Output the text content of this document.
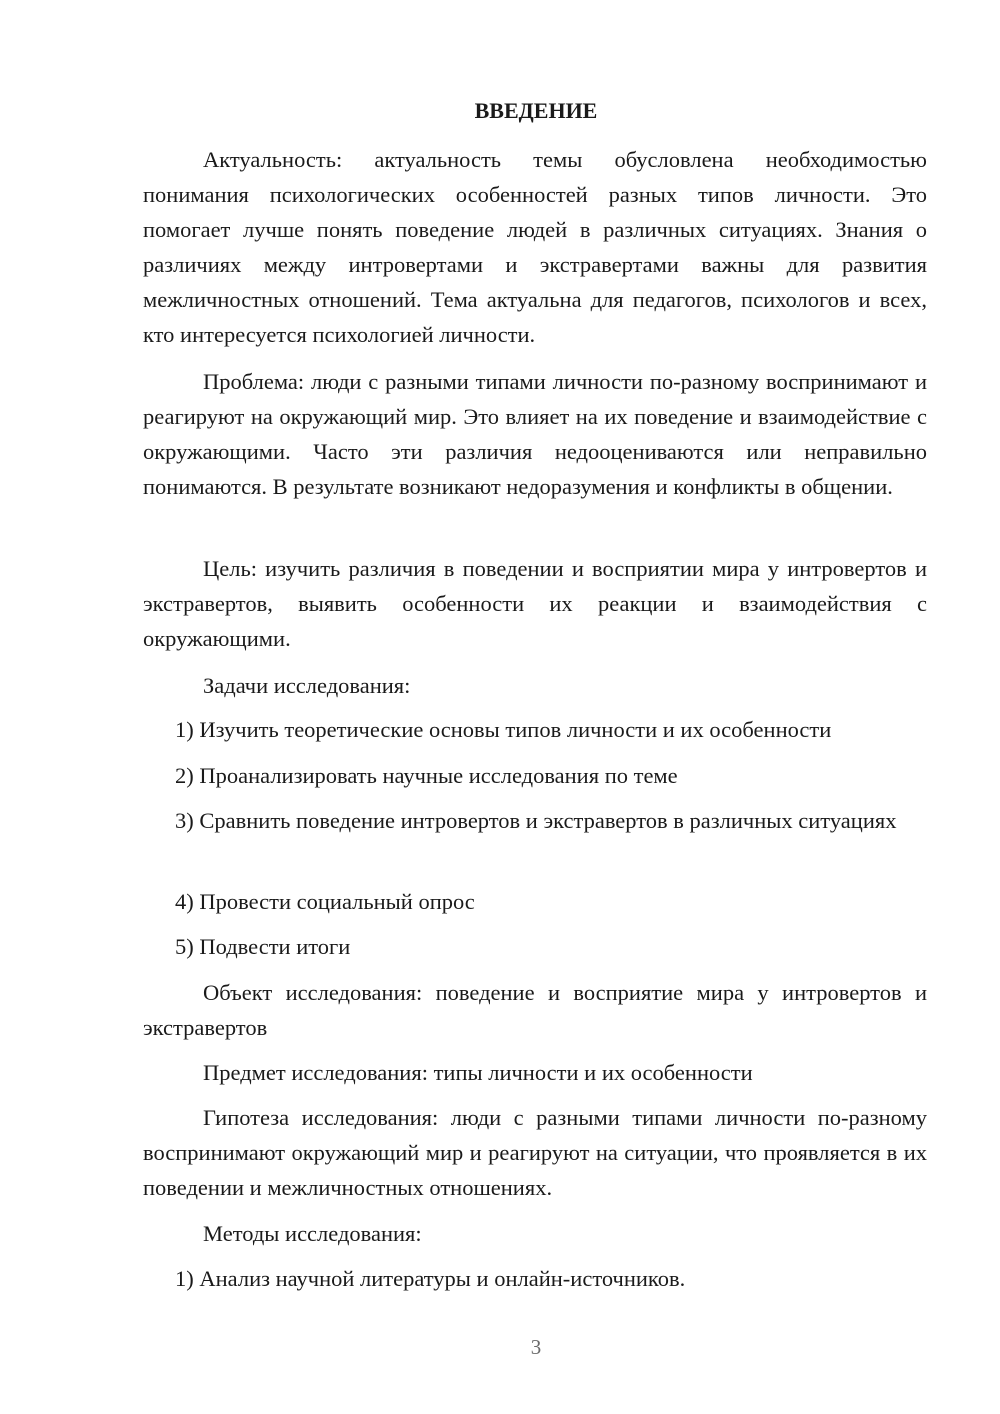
ВВЕДЕНИЕ

Актуальность: актуальность темы обусловлена необходимостью понимания психологических особенностей разных типов личности. Это помогает лучше понять поведение людей в различных ситуациях. Знания о различиях между интровертами и экстравертами важны для развития межличностных отношений. Тема актуальна для педагогов, психологов и всех, кто интересуется психологией личности.

Проблема: люди с разными типами личности по-разному воспринимают и реагируют на окружающий мир. Это влияет на их поведение и взаимодействие с окружающими. Часто эти различия недооцениваются или неправильно понимаются. В результате возникают недоразумения и конфликты в общении.

Цель: изучить различия в поведении и восприятии мира у интровертов и экстравертов, выявить особенности их реакции и взаимодействия с окружающими.

Задачи исследования:

1) Изучить теоретические основы типов личности и их особенности

2) Проанализировать научные исследования по теме

3) Сравнить поведение интровертов и экстравертов в различных ситуациях

4) Провести социальный опрос

5) Подвести итоги

Объект исследования: поведение и восприятие мира у интровертов и экстравертов

Предмет исследования: типы личности и их особенности

Гипотеза исследования: люди с разными типами личности по-разному воспринимают окружающий мир и реагируют на ситуации, что проявляется в их поведении и межличностных отношениях.

Методы исследования:

1) Анализ научной литературы и онлайн-источников.

3
